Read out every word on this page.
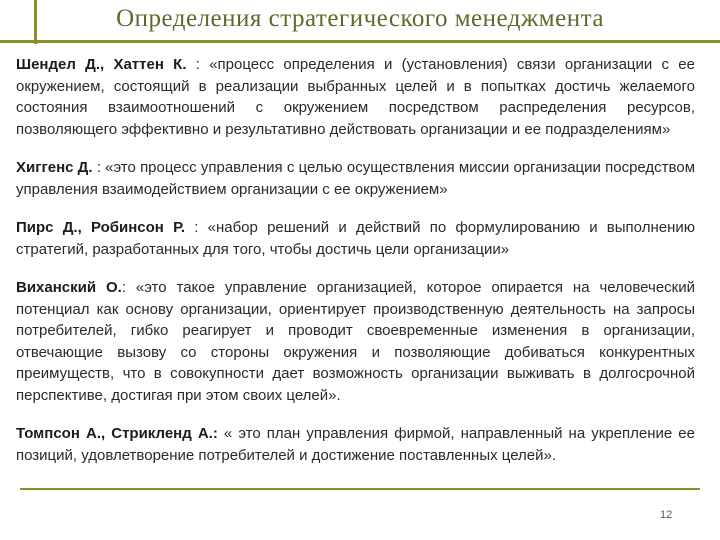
Определения стратегического менеджмента

Шендел Д., Хаттен К. : «процесс определения и (установления) связи организации с ее окружением, состоящий в реализации выбранных целей и в попытках достичь желаемого состояния взаимоотношений с окружением посредством распределения ресурсов, позволяющего эффективно и результативно действовать организации и ее подразделениям»

Хиггенс Д. : «это процесс управления с целью осуществления миссии организации посредством управления взаимодействием организации с ее окружением»

Пирс Д., Робинсон Р. : «набор решений и действий по формулированию и выполнению стратегий, разработанных для того, чтобы достичь цели организации»

Виханский О.: «это такое управление организацией, которое опирается на человеческий потенциал как основу организации, ориентирует производственную деятельность на запросы потребителей, гибко реагирует и проводит своевременные изменения в организации, отвечающие вызову со стороны окружения и позволяющие добиваться конкурентных преимуществ, что в совокупности дает возможность организации выживать в долгосрочной перспективе, достигая при этом своих целей».

Томпсон А., Стрикленд А.: « это план управления фирмой, направленный на укрепление ее позиций, удовлетворение потребителей и достижение поставленных целей».

12
